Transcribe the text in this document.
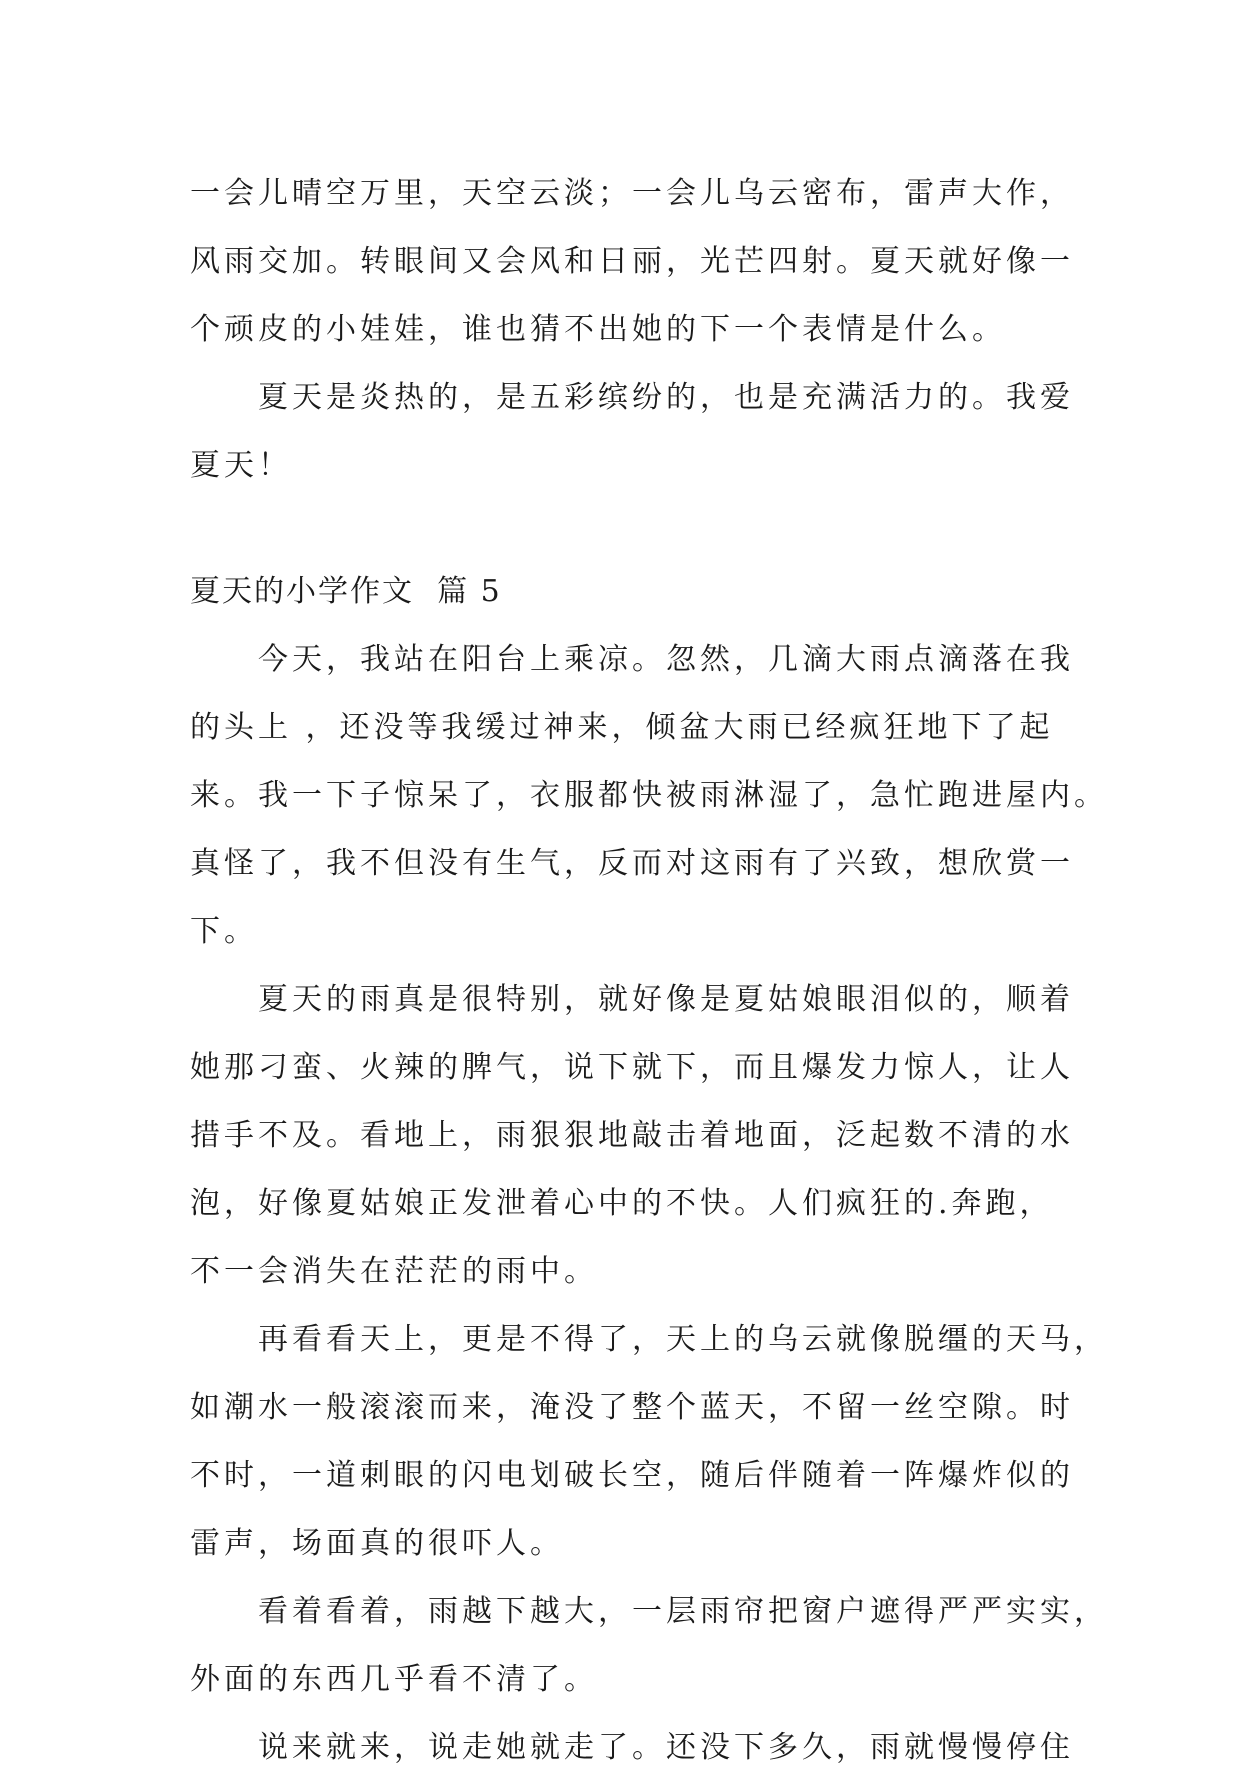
一会儿晴空万里，天空云淡；一会儿乌云密布，雷声大作，
风雨交加。转眼间又会风和日丽，光芒四射。夏天就好像一
个顽皮的小娃娃，谁也猜不出她的下一个表情是什么。
夏天是炎热的，是五彩缤纷的，也是充满活力的。我爱
夏天！
夏天的小学作文  篇 5
今天，我站在阳台上乘凉。忽然，几滴大雨点滴落在我
的头上 ，还没等我缓过神来，倾盆大雨已经疯狂地下了起
来。我一下子惊呆了，衣服都快被雨淋湿了，急忙跑进屋内。
真怪了，我不但没有生气，反而对这雨有了兴致，想欣赏一
下。
夏天的雨真是很特别，就好像是夏姑娘眼泪似的，顺着
她那刁蛮、火辣的脾气，说下就下，而且爆发力惊人，让人
措手不及。看地上，雨狠狠地敲击着地面，泛起数不清的水
泡，好像夏姑娘正发泄着心中的不快。人们疯狂的.奔跑，
不一会消失在茫茫的雨中。
再看看天上，更是不得了，天上的乌云就像脱缰的天马，
如潮水一般滚滚而来，淹没了整个蓝天，不留一丝空隙。时
不时，一道刺眼的闪电划破长空，随后伴随着一阵爆炸似的
雷声，场面真的很吓人。
看着看着，雨越下越大，一层雨帘把窗户遮得严严实实，
外面的东西几乎看不清了。
说来就来，说走她就走了。还没下多久，雨就慢慢停住
